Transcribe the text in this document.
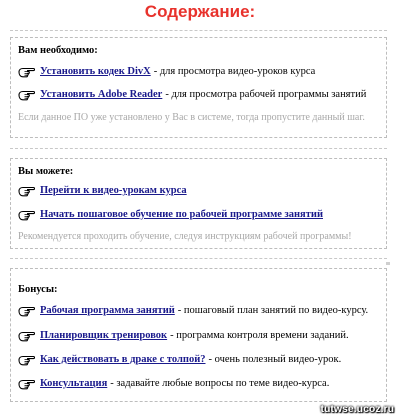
Содержание:
Вам необходимо:
Установить кодек DivX - для просмотра видео-уроков курса
Установить Adobe Reader - для просмотра рабочей программы занятий
Если данное ПО уже установлено у Вас в системе, тогда пропустите данный шаг.
Вы можете:
Перейти к видео-урокам курса
Начать пошаговое обучение по рабочей программе занятий
Рекомендуется проходить обучение, следуя инструкциям рабочей программы!
Бонусы:
Рабочая программа занятий - пошаговый план занятий по видео-курсу.
Планировщик тренировок - программа контроля времени заданий.
Как действовать в драке с толпой? - очень полезный видео-урок.
Консультация - задавайте любые вопросы по теме видео-курса.
tutwse.ucoz.ru
